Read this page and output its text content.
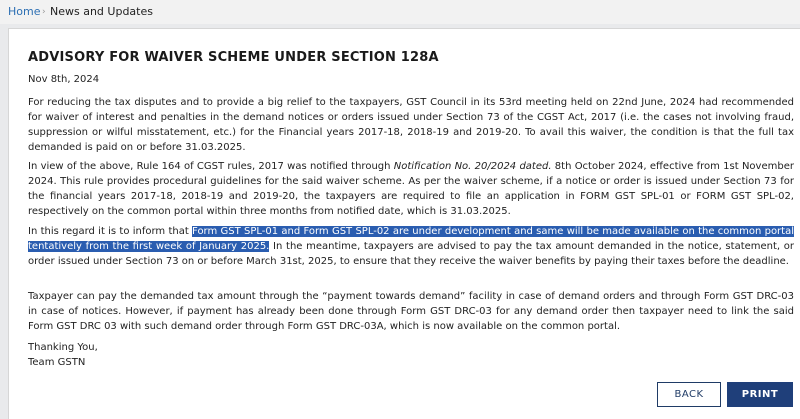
Home › News and Updates
ADVISORY FOR WAIVER SCHEME UNDER SECTION 128A
Nov 8th, 2024

For reducing the tax disputes and to provide a big relief to the taxpayers, GST Council in its 53rd meeting held on 22nd June, 2024 had recommended for waiver of interest and penalties in the demand notices or orders issued under Section 73 of the CGST Act, 2017 (i.e. the cases not involving fraud, suppression or wilful misstatement, etc.) for the Financial years 2017-18, 2018-19 and 2019-20. To avail this waiver, the condition is that the full tax demanded is paid on or before 31.03.2025.

In view of the above, Rule 164 of CGST rules, 2017 was notified through Notification No. 20/2024 dated. 8th October 2024, effective from 1st November 2024. This rule provides procedural guidelines for the said waiver scheme. As per the waiver scheme, if a notice or order is issued under Section 73 for the financial years 2017-18, 2018-19 and 2019-20, the taxpayers are required to file an application in FORM GST SPL-01 or FORM GST SPL-02, respectively on the common portal within three months from notified date, which is 31.03.2025.

In this regard it is to inform that Form GST SPL-01 and Form GST SPL-02 are under development and same will be made available on the common portal tentatively from the first week of January 2025. In the meantime, taxpayers are advised to pay the tax amount demanded in the notice, statement, or order issued under Section 73 on or before March 31st, 2025, to ensure that they receive the waiver benefits by paying their taxes before the deadline.

Taxpayer can pay the demanded tax amount through the “payment towards demand” facility in case of demand orders and through Form GST DRC-03 in case of notices. However, if payment has already been done through Form GST DRC-03 for any demand order then taxpayer need to link the said Form GST DRC 03 with such demand order through Form GST DRC-03A, which is now available on the common portal.

Thanking You,
Team GSTN
BACK	PRINT
